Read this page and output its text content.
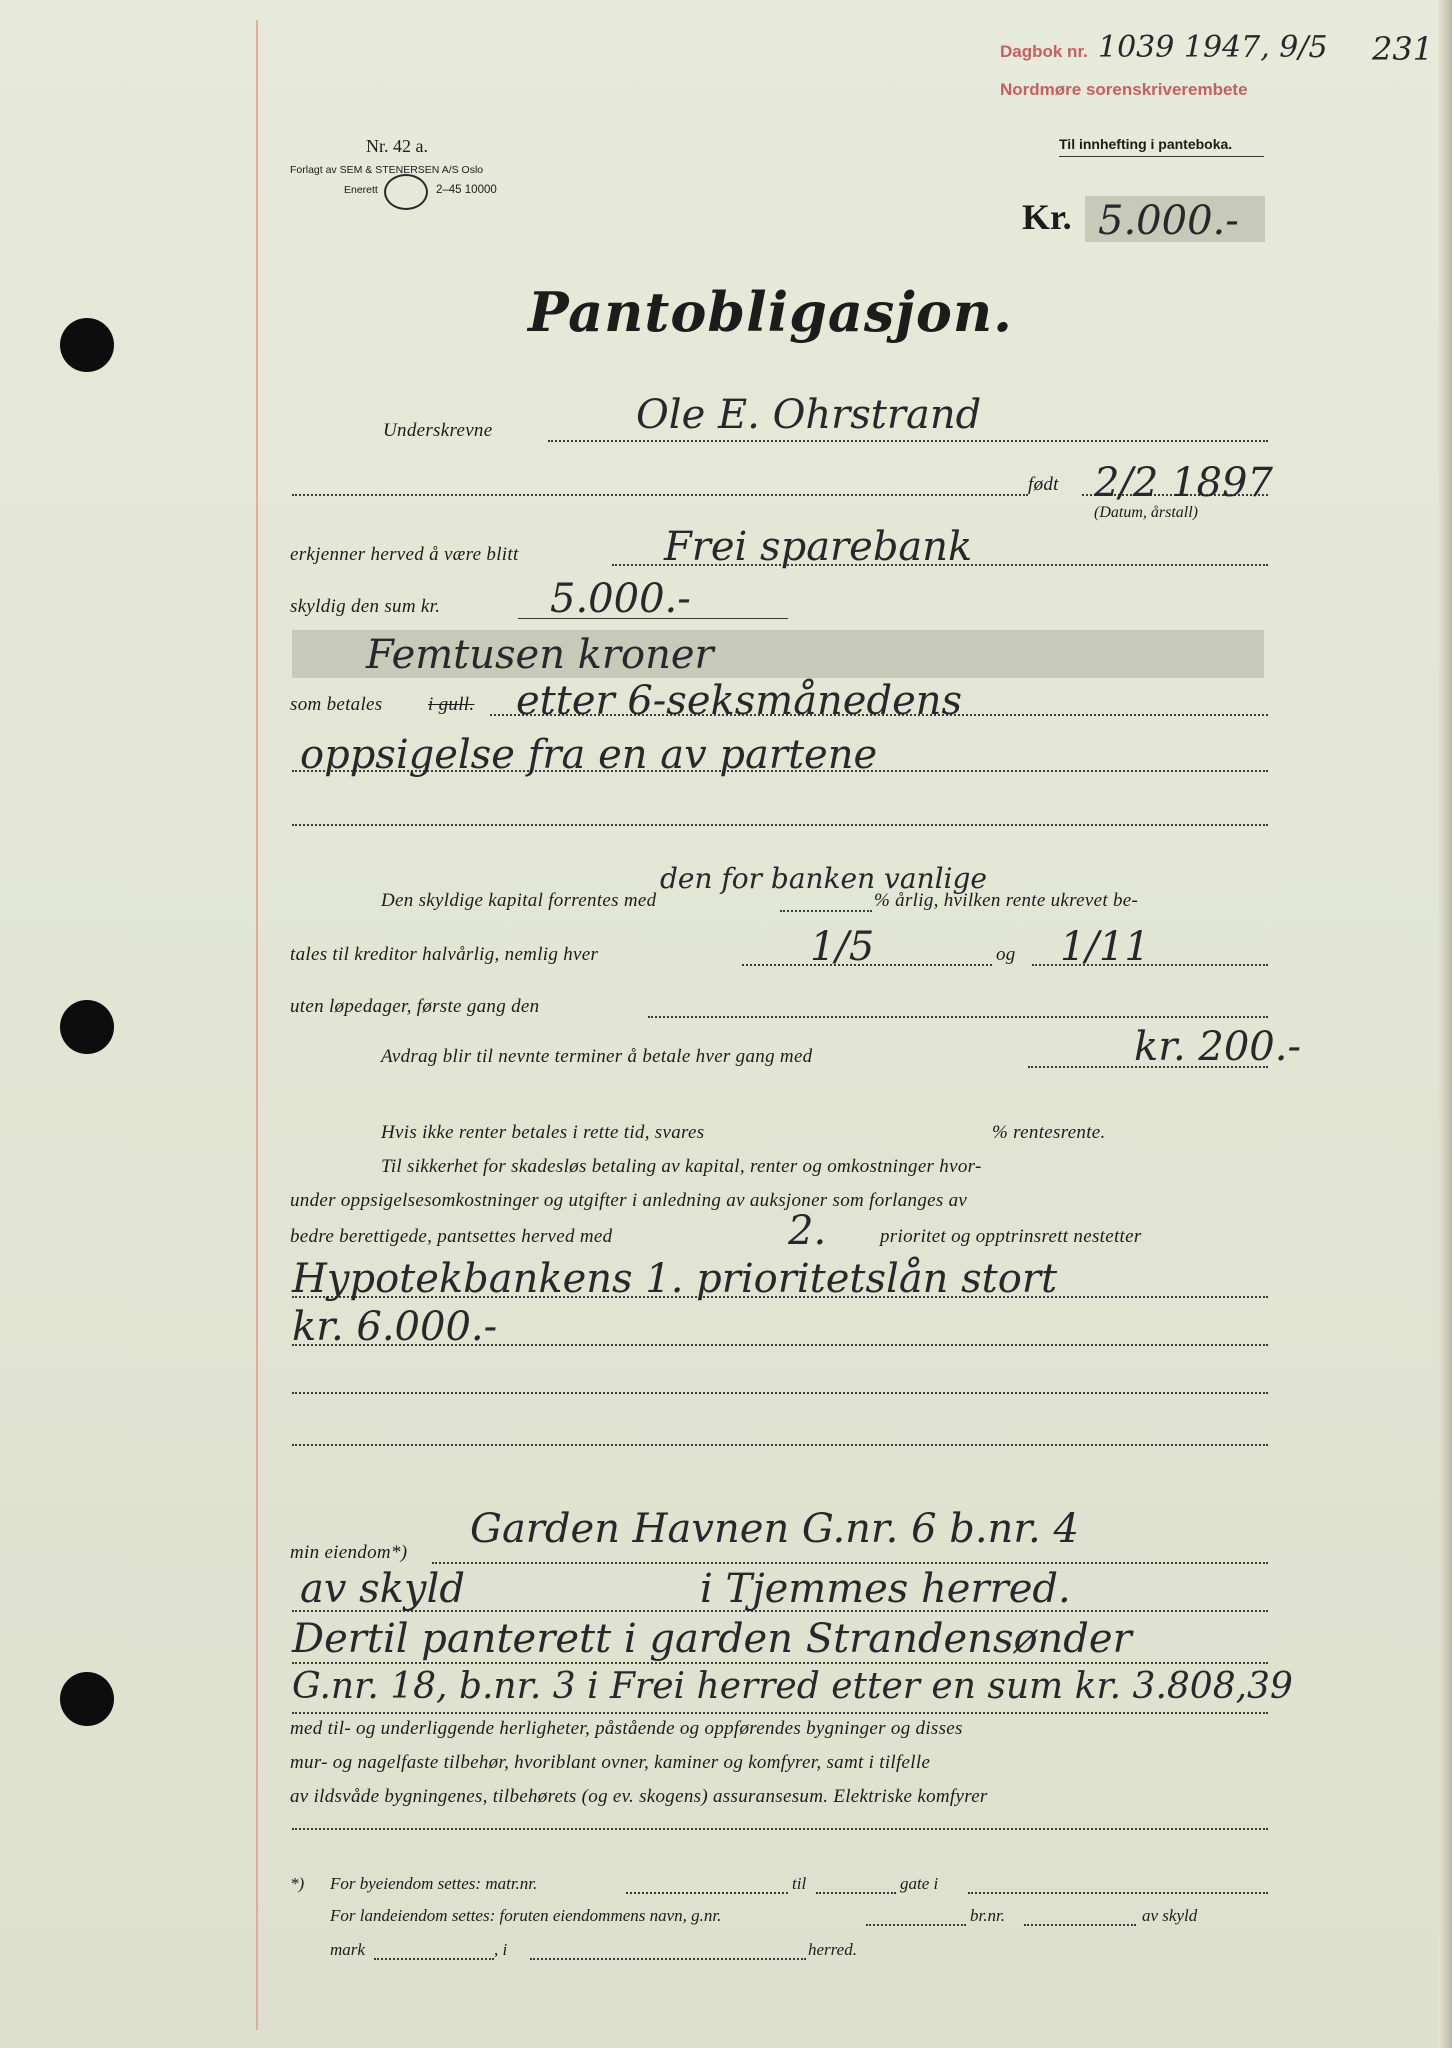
Dagbok nr. 1039 1947, 9/5 231
Nordmøre sorenskriverembete
Nr. 42 a.
Forlagt av SEM & STENERSEN A/S Oslo
Enerett	2–45 10000
Til innhefting i panteboka.
Kr. 5.000.-
Pantobligasjon.
Underskrevne	Ole E. Ohrstrand
født 2/2 1897
(Datum, årstall)
erkjenner herved å være blitt	Frei sparebank
skyldig den sum kr.	5.000.-
Femtusen kroner
som betales i gull. etter 6-seksmånedens
oppsigelse fra en av partene
den for banken vanlige
Den skyldige kapital forrentes med	% årlig, hvilken rente ukrevet be-
tales til kreditor halvårlig, nemlig hver	1/5	og 1/11
uten løpedager, første gang den
Avdrag blir til nevnte terminer å betale hver gang med	kr. 200.-
Hvis ikke renter betales i rette tid, svares	% rentesrente.
Til sikkerhet for skadesløs betaling av kapital, renter og omkostninger hvor-
under oppsigelsesomkostninger og utgifter i anledning av auksjoner som forlanges av
bedre berettigede, pantsettes herved med	2.	prioritet og opptrinsrett nestetter
Hypotekbankens 1. prioritetslån stort
kr. 6.000.-
min eiendom*)
Garden Havnen G.nr. 6 b.nr. 4
av skyld	i Tjemmes herred.
Dertil panterett i garden Strandensønder
G.nr. 18, b.nr. 3 i Frei herred etter en sum kr. 3.808,39
med til- og underliggende herligheter, påstående og oppførendes bygninger og disses
mur- og nagelfaste tilbehør, hvoriblant ovner, kaminer og komfyrer, samt i tilfelle
av ildsvåde bygningenes, tilbehørets (og ev. skogens) assuransesum. Elektriske komfyrer
*) For byeiendom settes: matr.nr.	til	gate i
For landeiendom settes: foruten eiendommens navn, g.nr.	br.nr.	av skyld
mark	, i	herred.
